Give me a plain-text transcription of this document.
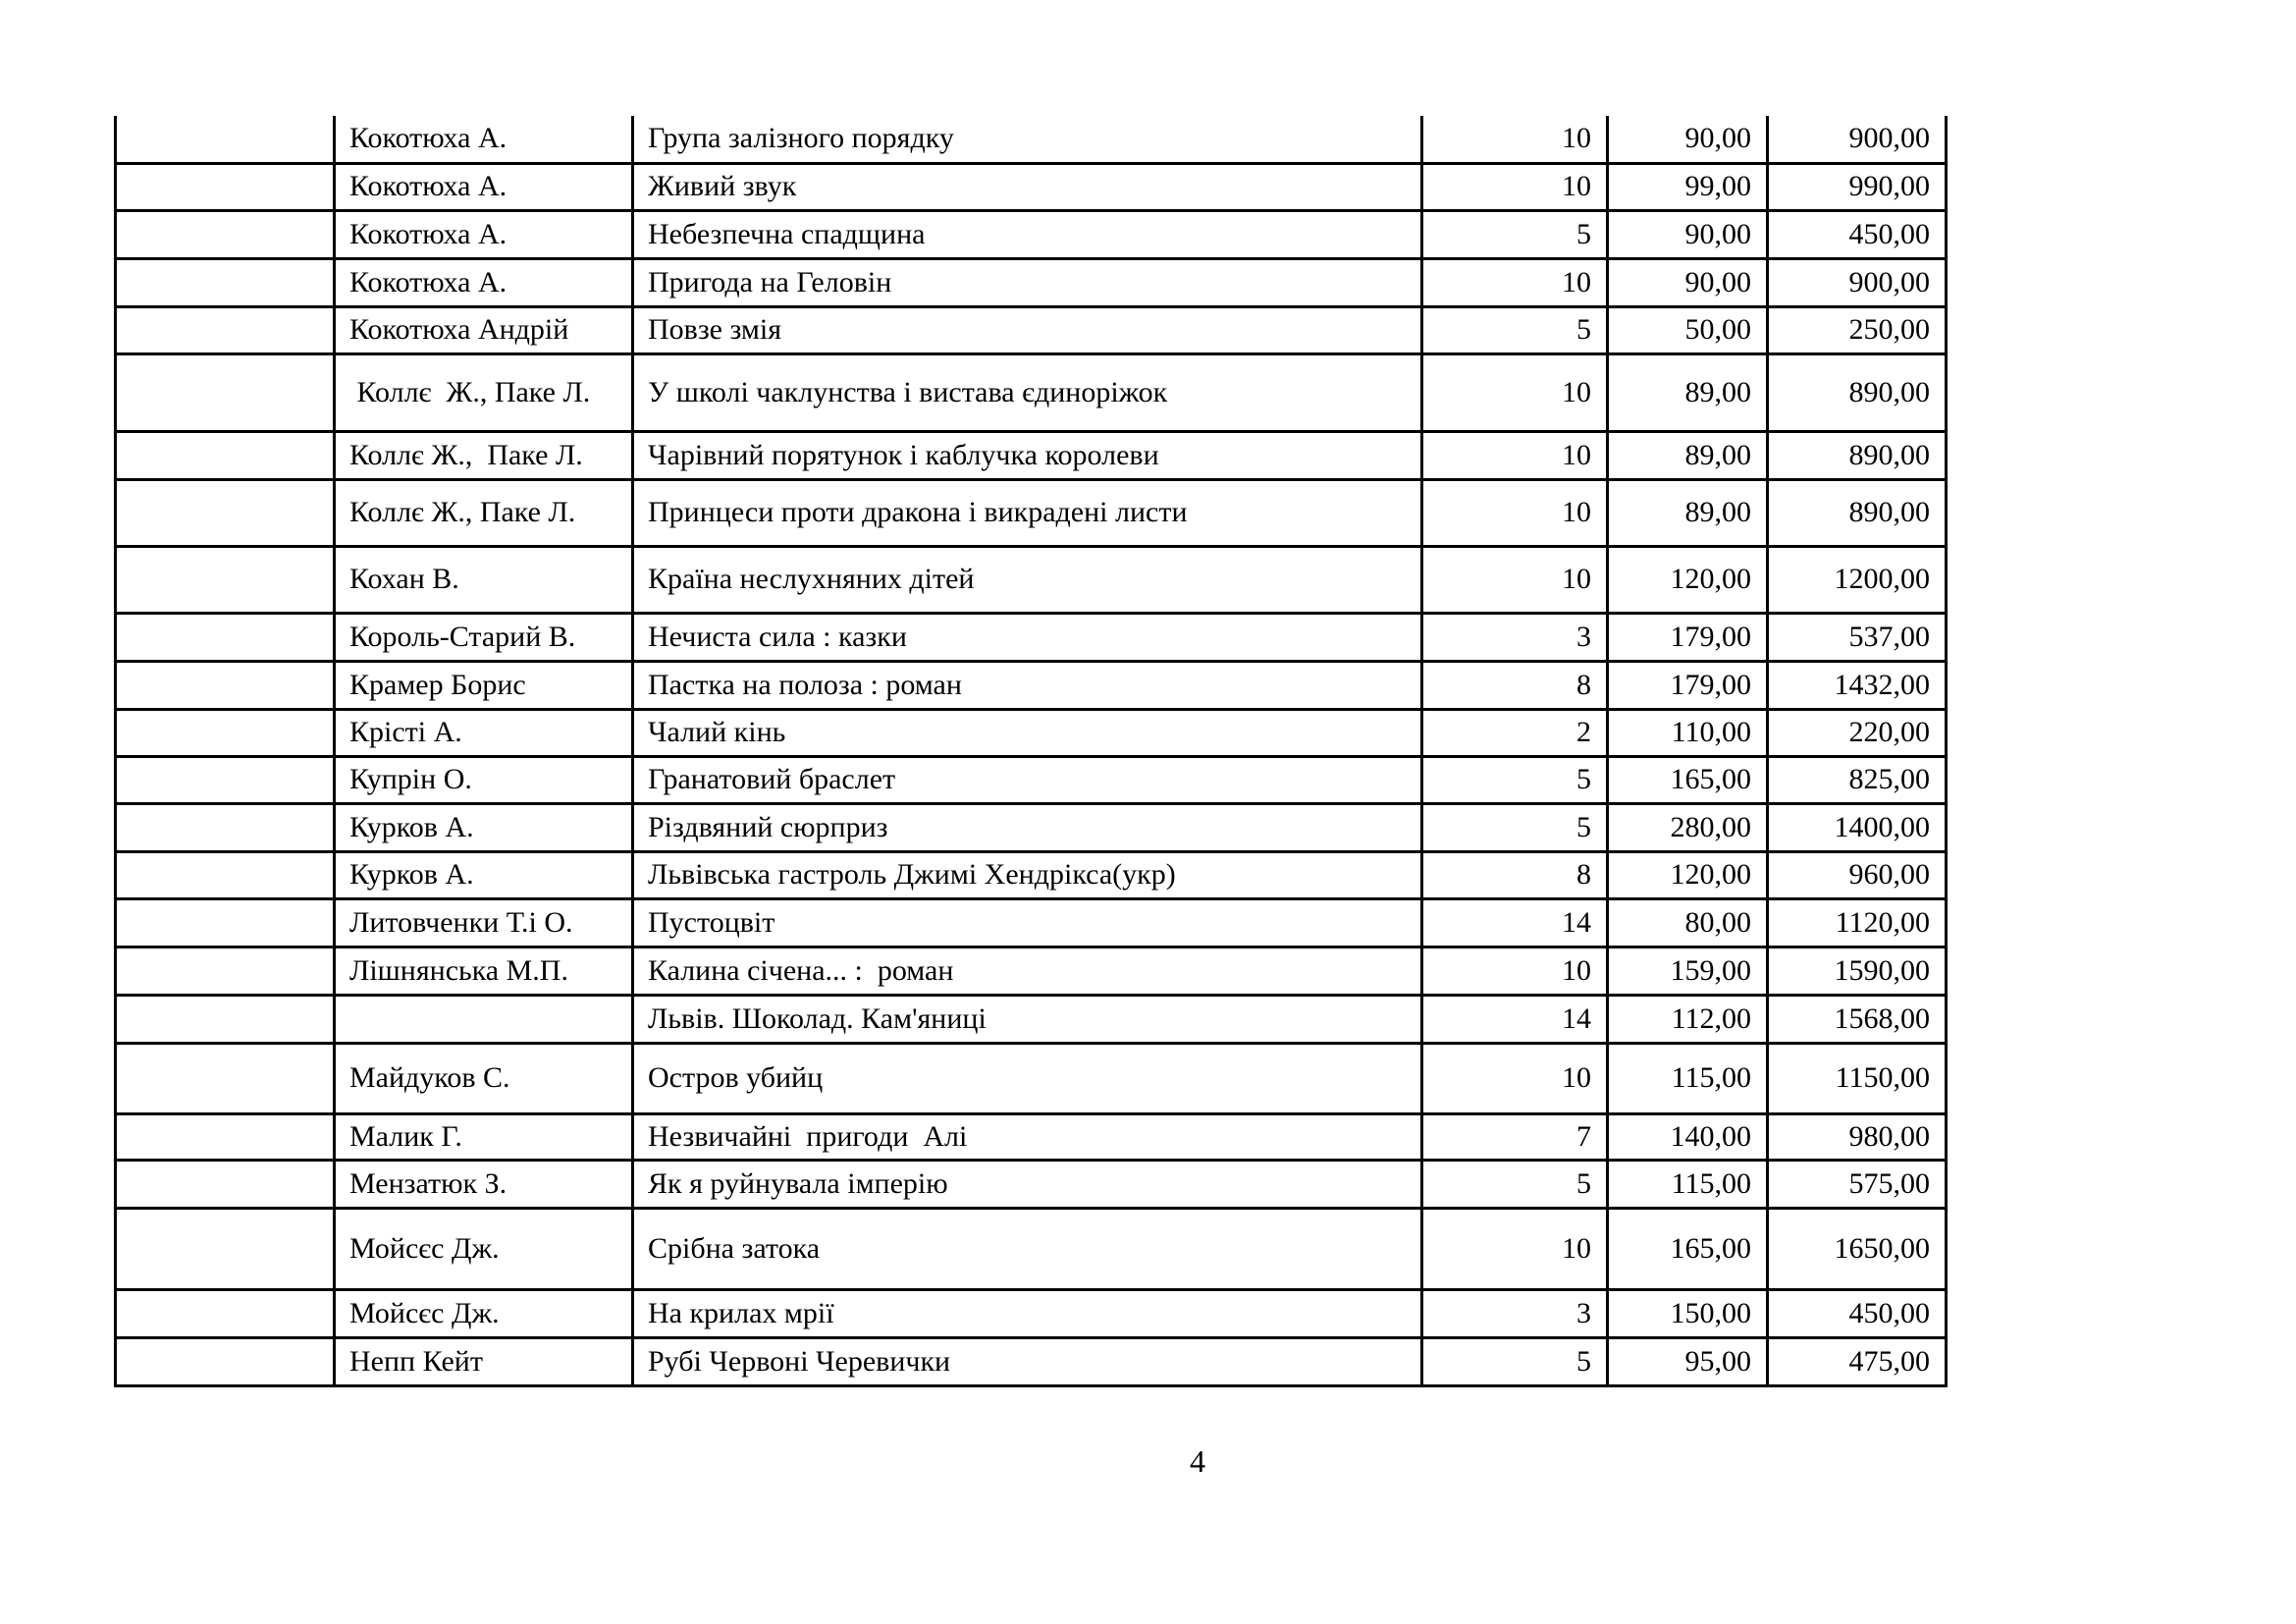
	Кокотюха А.	Група залізного порядку	10	90,00	900,00
	Кокотюха А.	Живий звук	10	99,00	990,00
	Кокотюха А.	Небезпечна спадщина	5	90,00	450,00
	Кокотюха А.	Пригода на Геловін	10	90,00	900,00
	Кокотюха Андрій	Повзе змія	5	50,00	250,00
	Коллє  Ж., Паке Л.	У школі чаклунства і вистава єдиноріжок	10	89,00	890,00
	Коллє Ж.,  Паке Л.	Чарівний порятунок і каблучка королеви	10	89,00	890,00
	Коллє Ж., Паке Л.	Принцеси проти дракона і викрадені листи	10	89,00	890,00
	Кохан В.	Країна неслухняних дітей	10	120,00	1200,00
	Король-Старий В.	Нечиста сила : казки	3	179,00	537,00
	Крамер Борис	Пастка на полоза : роман	8	179,00	1432,00
	Крісті А.	Чалий кінь	2	110,00	220,00
	Купрін О.	Гранатовий браслет	5	165,00	825,00
	Курков А.	Різдвяний сюрприз	5	280,00	1400,00
	Курков А.	Львівська гастроль Джимі Хендрікса(укр)	8	120,00	960,00
	Литовченки Т.і О.	Пустоцвіт	14	80,00	1120,00
	Лішнянська М.П.	Калина січена... :  роман	10	159,00	1590,00
		Львів. Шоколад. Кам'яниці	14	112,00	1568,00
	Майдуков С.	Остров убийц	10	115,00	1150,00
	Малик Г.	Незвичайні  пригоди  Алі	7	140,00	980,00
	Мензатюк З.	Як я руйнувала імперію	5	115,00	575,00
	Мойсєс Дж.	Срібна затока	10	165,00	1650,00
	Мойсєс Дж.	На крилах мрії	3	150,00	450,00
	Непп Кейт	Рубі Червоні Черевички	5	95,00	475,00
4
